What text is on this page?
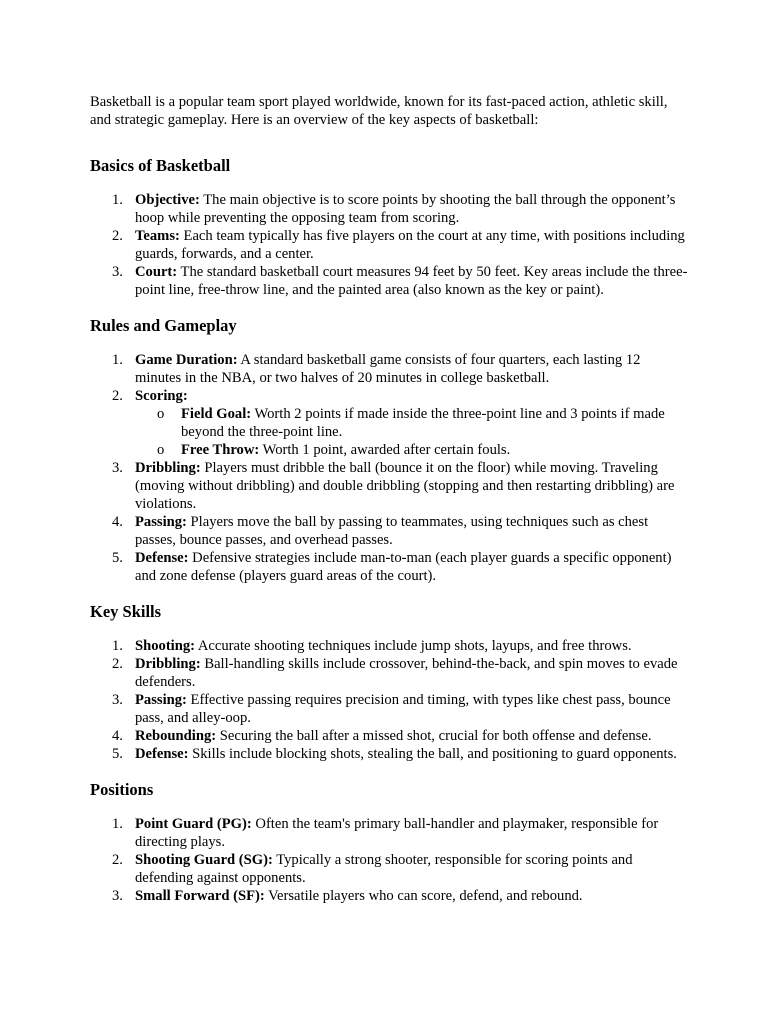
Basketball is a popular team sport played worldwide, known for its fast-paced action, athletic skill, and strategic gameplay. Here is an overview of the key aspects of basketball:

Basics of Basketball
1. Objective: The main objective is to score points by shooting the ball through the opponent’s hoop while preventing the opposing team from scoring.
2. Teams: Each team typically has five players on the court at any time, with positions including guards, forwards, and a center.
3. Court: The standard basketball court measures 94 feet by 50 feet. Key areas include the three-point line, free-throw line, and the painted area (also known as the key or paint).
Rules and Gameplay
1. Game Duration: A standard basketball game consists of four quarters, each lasting 12 minutes in the NBA, or two halves of 20 minutes in college basketball.
2. Scoring:
o Field Goal: Worth 2 points if made inside the three-point line and 3 points if made beyond the three-point line.
o Free Throw: Worth 1 point, awarded after certain fouls.
3. Dribbling: Players must dribble the ball (bounce it on the floor) while moving. Traveling (moving without dribbling) and double dribbling (stopping and then restarting dribbling) are violations.
4. Passing: Players move the ball by passing to teammates, using techniques such as chest passes, bounce passes, and overhead passes.
5. Defense: Defensive strategies include man-to-man (each player guards a specific opponent) and zone defense (players guard areas of the court).
Key Skills
1. Shooting: Accurate shooting techniques include jump shots, layups, and free throws.
2. Dribbling: Ball-handling skills include crossover, behind-the-back, and spin moves to evade defenders.
3. Passing: Effective passing requires precision and timing, with types like chest pass, bounce pass, and alley-oop.
4. Rebounding: Securing the ball after a missed shot, crucial for both offense and defense.
5. Defense: Skills include blocking shots, stealing the ball, and positioning to guard opponents.
Positions
1. Point Guard (PG): Often the team's primary ball-handler and playmaker, responsible for directing plays.
2. Shooting Guard (SG): Typically a strong shooter, responsible for scoring points and defending against opponents.
3. Small Forward (SF): Versatile players who can score, defend, and rebound.
